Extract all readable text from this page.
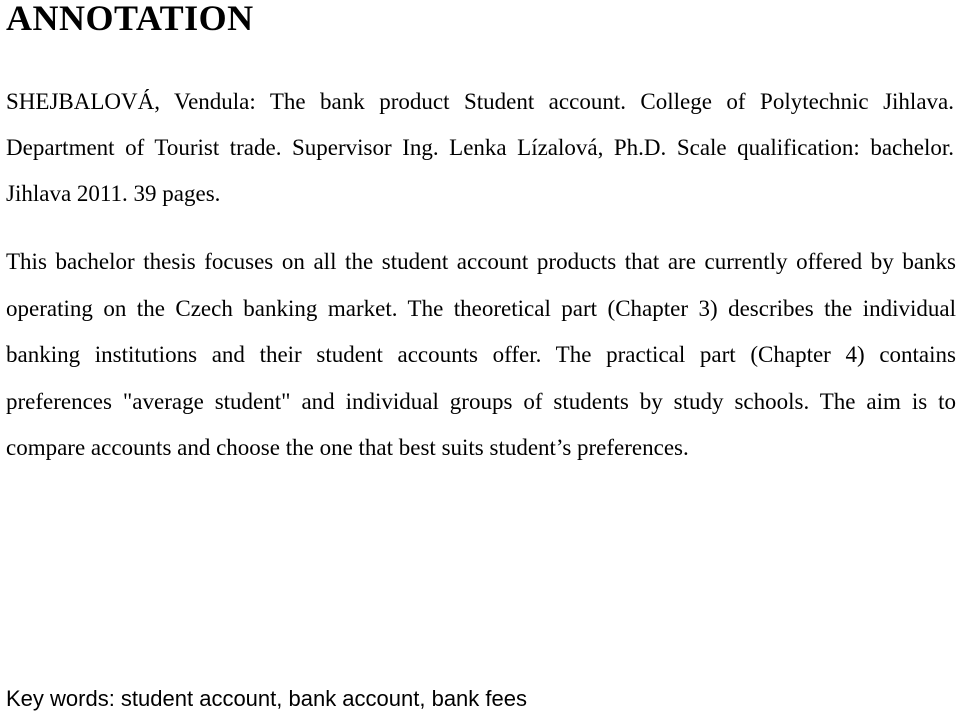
ANNOTATION

SHEJBALOVÁ, Vendula: The bank product Student account. College of Polytechnic Jihlava. Department of Tourist trade. Supervisor Ing. Lenka Lízalová, Ph.D. Scale qualification: bachelor. Jihlava 2011. 39 pages.

This bachelor thesis focuses on all the student account products that are currently offered by banks operating on the Czech banking market. The theoretical part (Chapter 3) describes the individual banking institutions and their student accounts offer. The practical part (Chapter 4) contains preferences "average student" and individual groups of students by study schools. The aim is to compare accounts and choose the one that best suits student’s preferences.

Key words: student account, bank account, bank fees
